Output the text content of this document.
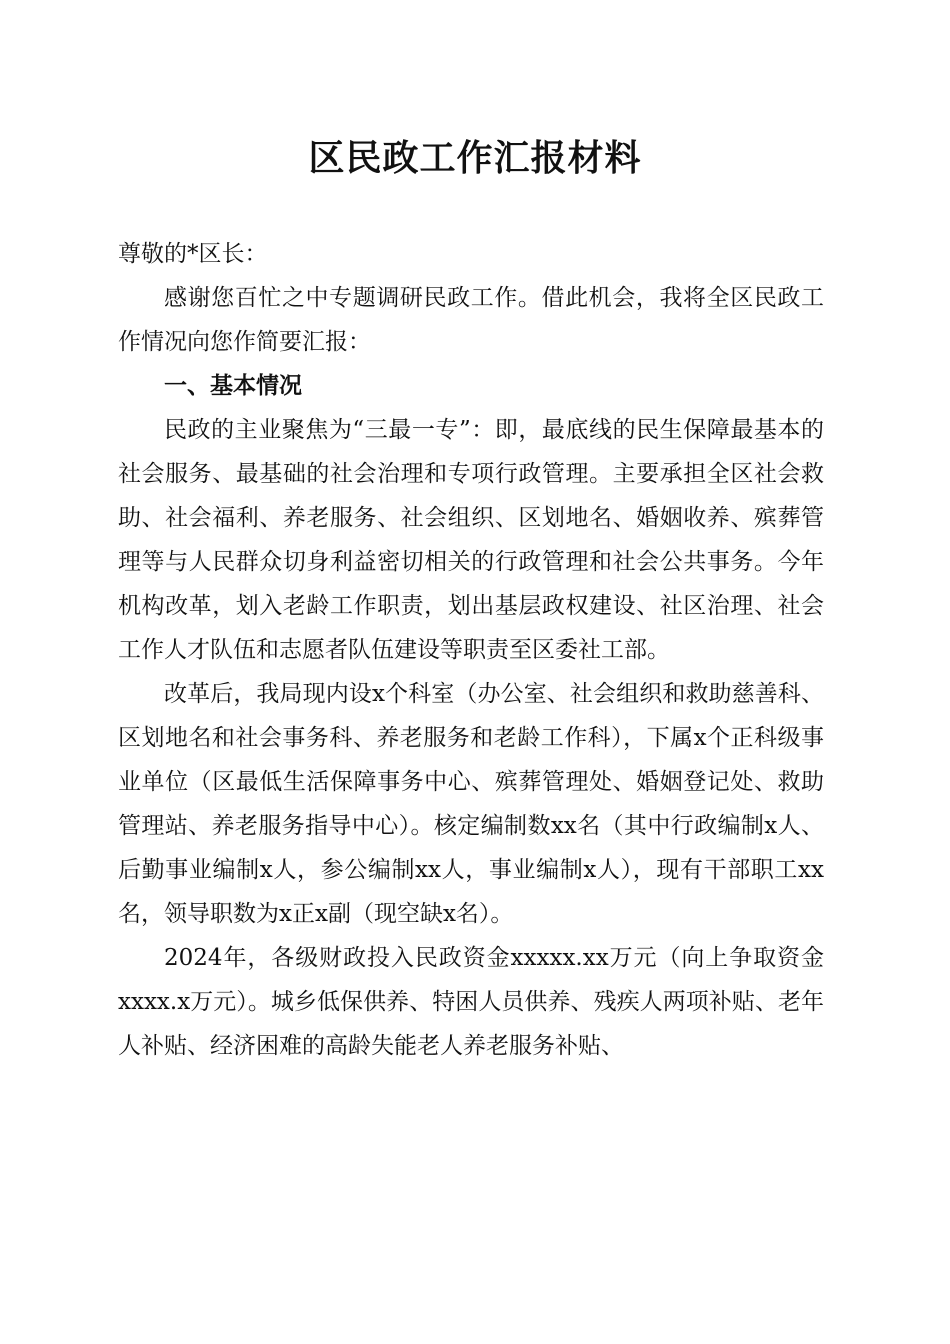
区民政工作汇报材料

尊敬的*区长：

感谢您百忙之中专题调研民政工作。借此机会，我将全区民政工作情况向您作简要汇报：

一、基本情况

民政的主业聚焦为“三最一专”：即，最底线的民生保障最基本的社会服务、最基础的社会治理和专项行政管理。主要承担全区社会救助、社会福利、养老服务、社会组织、区划地名、婚姻收养、殡葬管理等与人民群众切身利益密切相关的行政管理和社会公共事务。今年机构改革，划入老龄工作职责，划出基层政权建设、社区治理、社会工作人才队伍和志愿者队伍建设等职责至区委社工部。

改革后，我局现内设x个科室（办公室、社会组织和救助慈善科、区划地名和社会事务科、养老服务和老龄工作科），下属x个正科级事业单位（区最低生活保障事务中心、殡葬管理处、婚姻登记处、救助管理站、养老服务指导中心）。核定编制数xx名（其中行政编制x人、后勤事业编制x人，参公编制xx人，事业编制x人），现有干部职工xx名，领导职数为x正x副（现空缺x名）。

2024年，各级财政投入民政资金xxxxx.xx万元（向上争取资金xxxx.x万元）。城乡低保供养、特困人员供养、残疾人两项补贴、老年人补贴、经济困难的高龄失能老人养老服务补贴、
